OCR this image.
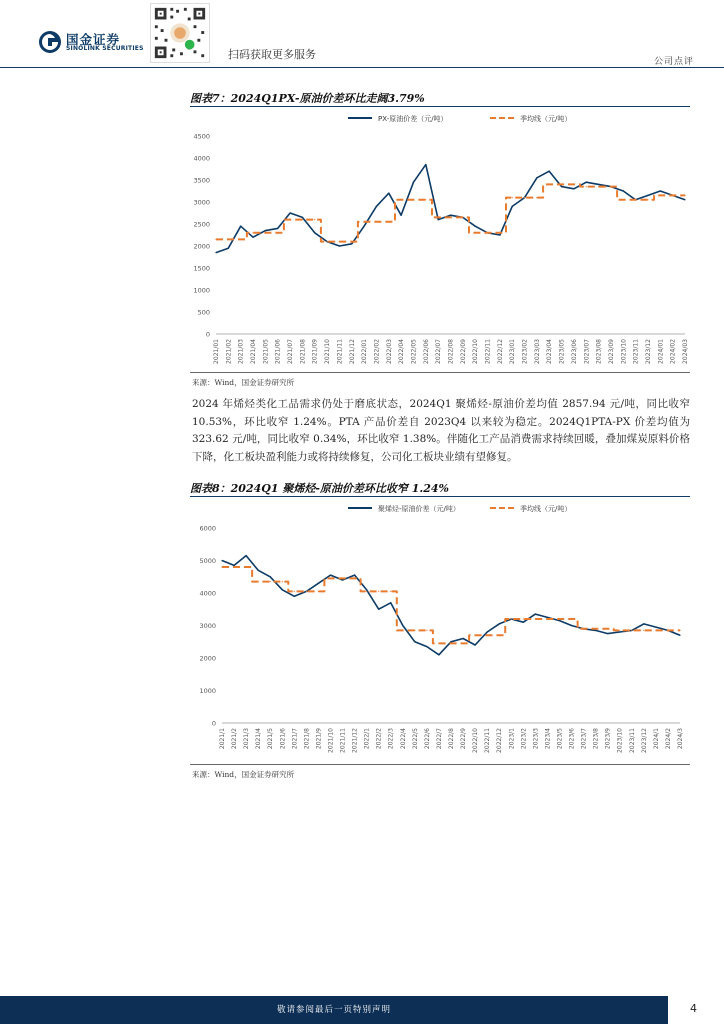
国金证券
SINOLINK SECURITIES	扫码获取更多服务
公司点评
图表7：2024Q1PX-原油价差环比走阔3.79%
PX-原油价差（元/吨）	季均线（元/吨）
0
500
1000
1500
2000
2500
3000
3500
4000
4500
2021/01 2021/02 2021/03 2021/04 2021/05 2021/06 2021/07 2021/08 2021/09 2021/10 2021/11 2021/12 2022/01 2022/02 2022/03 2022/04 2022/05 2022/06 2022/07 2022/08 2022/09 2022/10 2022/11 2022/12 2023/01 2023/02 2023/03 2023/04 2023/05 2023/06 2023/07 2023/08 2023/09 2023/10 2023/11 2023/12 2024/01 2024/02 2024/03
来源：Wind，国金证券研究所
2024 年烯烃类化工品需求仍处于磨底状态，2024Q1 聚烯烃-原油价差均值 2857.94 元/吨，同比收窄 10.53%，环比收窄 1.24%。PTA 产品价差自 2023Q4 以来较为稳定。2024Q1PTA-PX 价差均值为 323.62 元/吨，同比收窄 0.34%，环比收窄 1.38%。伴随化工产品消费需求持续回暖，叠加煤炭原料价格下降，化工板块盈利能力或将持续修复，公司化工板块业绩有望修复。
图表8：2024Q1 聚烯烃-原油价差环比收窄 1.24%
聚烯烃-原油价差（元/吨）	季均线（元/吨）
0
1000
2000
3000
4000
5000
6000
2021/1 2021/2 2021/3 2021/4 2021/5 2021/6 2021/7 2021/8 2021/9 2021/10 2021/11 2021/12 2022/1 2022/2 2022/3 2022/4 2022/5 2022/6 2022/7 2022/8 2022/9 2022/10 2022/11 2022/12 2023/1 2023/2 2023/3 2023/4 2023/5 2023/6 2023/7 2023/8 2023/9 2023/10 2023/11 2023/12 2024/1 2024/2 2024/3
来源：Wind，国金证券研究所
敬请参阅最后一页特别声明	4
